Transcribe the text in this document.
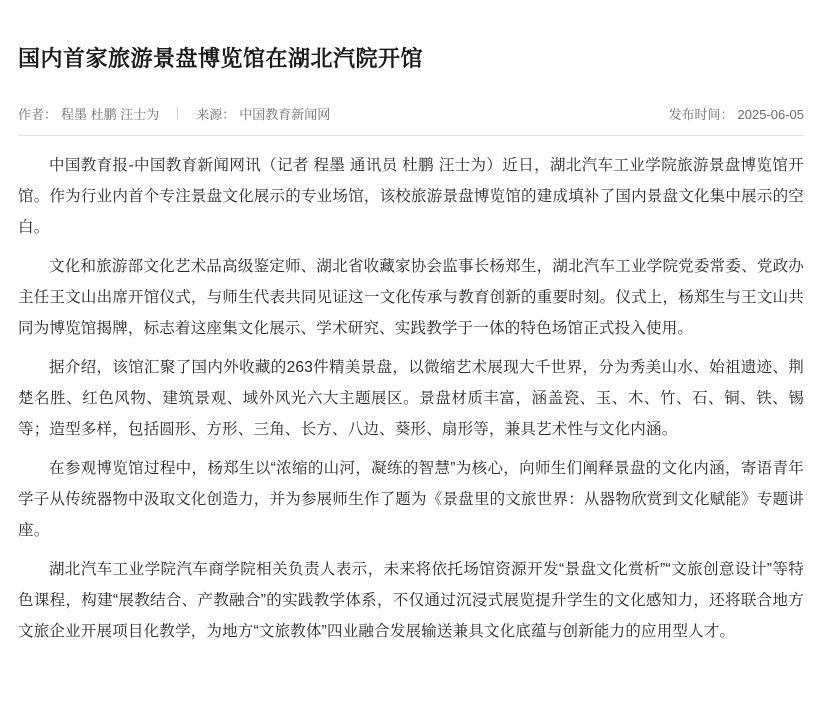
国内首家旅游景盘博览馆在湖北汽院开馆
作者： 程墨 杜鹏 汪士为	来源： 中国教育新闻网	发布时间： 2025-06-05

中国教育报-中国教育新闻网讯（记者 程墨 通讯员 杜鹏 汪士为）近日，湖北汽车工业学院旅游景盘博览馆开馆。作为行业内首个专注景盘文化展示的专业场馆，该校旅游景盘博览馆的建成填补了国内景盘文化集中展示的空白。

文化和旅游部文化艺术品高级鉴定师、湖北省收藏家协会监事长杨郑生，湖北汽车工业学院党委常委、党政办主任王文山出席开馆仪式，与师生代表共同见证这一文化传承与教育创新的重要时刻。仪式上，杨郑生与王文山共同为博览馆揭牌，标志着这座集文化展示、学术研究、实践教学于一体的特色场馆正式投入使用。

据介绍，该馆汇聚了国内外收藏的263件精美景盘，以微缩艺术展现大千世界，分为秀美山水、始祖遗迹、荆楚名胜、红色风物、建筑景观、域外风光六大主题展区。景盘材质丰富，涵盖瓷、玉、木、竹、石、铜、铁、锡等；造型多样，包括圆形、方形、三角、长方、八边、葵形、扇形等，兼具艺术性与文化内涵。

在参观博览馆过程中，杨郑生以“浓缩的山河，凝练的智慧”为核心，向师生们阐释景盘的文化内涵，寄语青年学子从传统器物中汲取文化创造力，并为参展师生作了题为《景盘里的文旅世界：从器物欣赏到文化赋能》专题讲座。

湖北汽车工业学院汽车商学院相关负责人表示，未来将依托场馆资源开发“景盘文化赏析”“文旅创意设计”等特色课程，构建“展教结合、产教融合”的实践教学体系，不仅通过沉浸式展览提升学生的文化感知力，还将联合地方文旅企业开展项目化教学，为地方“文旅教体”四业融合发展输送兼具文化底蕴与创新能力的应用型人才。
